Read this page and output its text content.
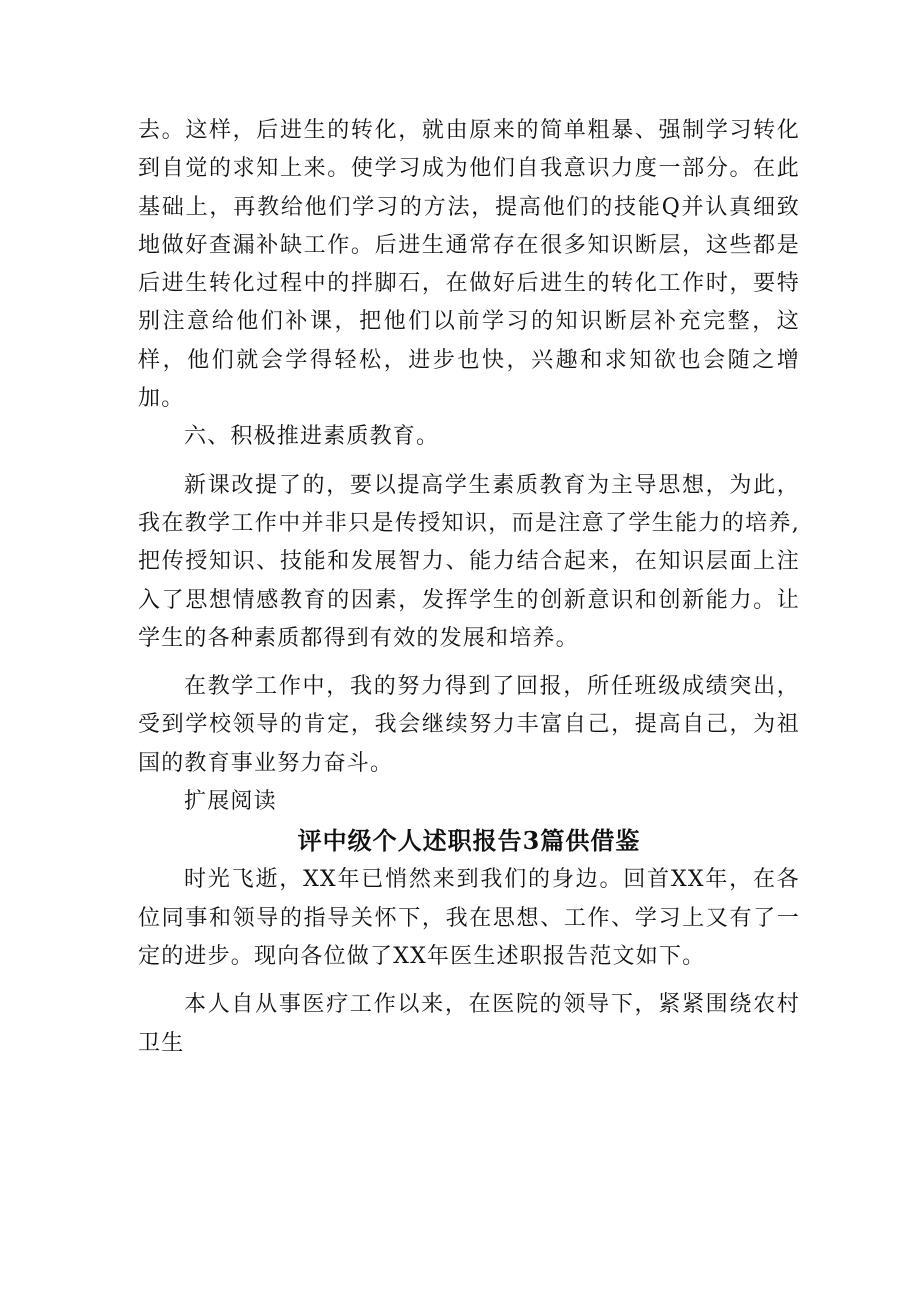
去。这样，后进生的转化，就由原来的简单粗暴、强制学习转化到自觉的求知上来。使学习成为他们自我意识力度一部分。在此基础上，再教给他们学习的方法，提高他们的技能Q并认真细致地做好查漏补缺工作。后进生通常存在很多知识断层，这些都是后进生转化过程中的拌脚石，在做好后进生的转化工作时，要特别注意给他们补课，把他们以前学习的知识断层补充完整，这样，他们就会学得轻松，进步也快，兴趣和求知欲也会随之增加。

六、积极推进素质教育。

新课改提了的，要以提高学生素质教育为主导思想，为此，我在教学工作中并非只是传授知识，而是注意了学生能力的培养,把传授知识、技能和发展智力、能力结合起来，在知识层面上注入了思想情感教育的因素，发挥学生的创新意识和创新能力。让学生的各种素质都得到有效的发展和培养。

在教学工作中，我的努力得到了回报，所任班级成绩突出，受到学校领导的肯定，我会继续努力丰富自己，提高自己，为祖国的教育事业努力奋斗。

扩展阅读

评中级个人述职报告3篇供借鉴

时光飞逝，XX年已悄然来到我们的身边。回首XX年，在各位同事和领导的指导关怀下，我在思想、工作、学习上又有了一定的进步。现向各位做了XX年医生述职报告范文如下。

本人自从事医疗工作以来，在医院的领导下，紧紧围绕农村卫生
